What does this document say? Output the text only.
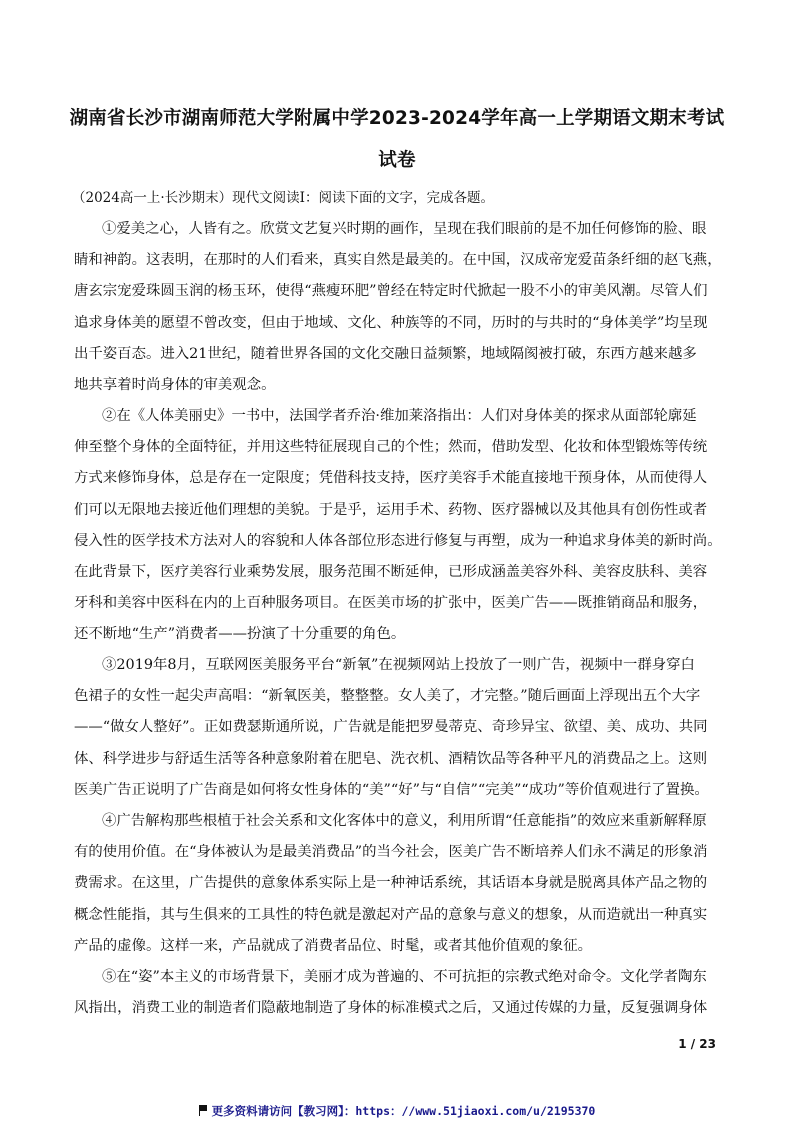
湖南省长沙市湖南师范大学附属中学2023-2024学年高一上学期语文期末考试
试卷
（2024高一上·长沙期末）现代文阅读Ⅰ：阅读下面的文字，完成各题。
①爱美之心，人皆有之。欣赏文艺复兴时期的画作，呈现在我们眼前的是不加任何修饰的脸、眼
睛和神韵。这表明，在那时的人们看来，真实自然是最美的。在中国，汉成帝宠爱苗条纤细的赵飞燕，
唐玄宗宠爱珠圆玉润的杨玉环，使得“燕瘦环肥”曾经在特定时代掀起一股不小的审美风潮。尽管人们
追求身体美的愿望不曾改变，但由于地域、文化、种族等的不同，历时的与共时的“身体美学”均呈现
出千姿百态。进入21世纪，随着世界各国的文化交融日益频繁，地域隔阂被打破，东西方越来越多
地共享着时尚身体的审美观念。
②在《人体美丽史》一书中，法国学者乔治·维加莱洛指出：人们对身体美的探求从面部轮廓延
伸至整个身体的全面特征，并用这些特征展现自己的个性；然而，借助发型、化妆和体型锻炼等传统
方式来修饰身体，总是存在一定限度；凭借科技支持，医疗美容手术能直接地干预身体，从而使得人
们可以无限地去接近他们理想的美貌。于是乎，运用手术、药物、医疗器械以及其他具有创伤性或者
侵入性的医学技术方法对人的容貌和人体各部位形态进行修复与再塑，成为一种追求身体美的新时尚。
在此背景下，医疗美容行业乘势发展，服务范围不断延伸，已形成涵盖美容外科、美容皮肤科、美容
牙科和美容中医科在内的上百种服务项目。在医美市场的扩张中，医美广告——既推销商品和服务，
还不断地“生产”消费者——扮演了十分重要的角色。
③2019年8月，互联网医美服务平台“新氧”在视频网站上投放了一则广告，视频中一群身穿白
色裙子的女性一起尖声高唱：“新氧医美，整整整。女人美了，才完整。”随后画面上浮现出五个大字
——“做女人整好”。正如费瑟斯通所说，广告就是能把罗曼蒂克、奇珍异宝、欲望、美、成功、共同
体、科学进步与舒适生活等各种意象附着在肥皂、洗衣机、酒精饮品等各种平凡的消费品之上。这则
医美广告正说明了广告商是如何将女性身体的“美”“好”与“自信”“完美”“成功”等价值观进行了置换。
④广告解构那些根植于社会关系和文化客体中的意义，利用所谓“任意能指”的效应来重新解释原
有的使用价值。在“身体被认为是最美消费品”的当今社会，医美广告不断培养人们永不满足的形象消
费需求。在这里，广告提供的意象体系实际上是一种神话系统，其话语本身就是脱离具体产品之物的
概念性能指，其与生俱来的工具性的特色就是激起对产品的意象与意义的想象，从而造就出一种真实
产品的虚像。这样一来，产品就成了消费者品位、时髦，或者其他价值观的象征。
⑤在“姿”本主义的市场背景下，美丽才成为普遍的、不可抗拒的宗教式绝对命令。文化学者陶东
风指出，消费工业的制造者们隐蔽地制造了身体的标准模式之后，又通过传媒的力量，反复强调身体
1 / 23
更多资料请访问【教习网】：https：//www.51jiaoxi.com/u/2195370
